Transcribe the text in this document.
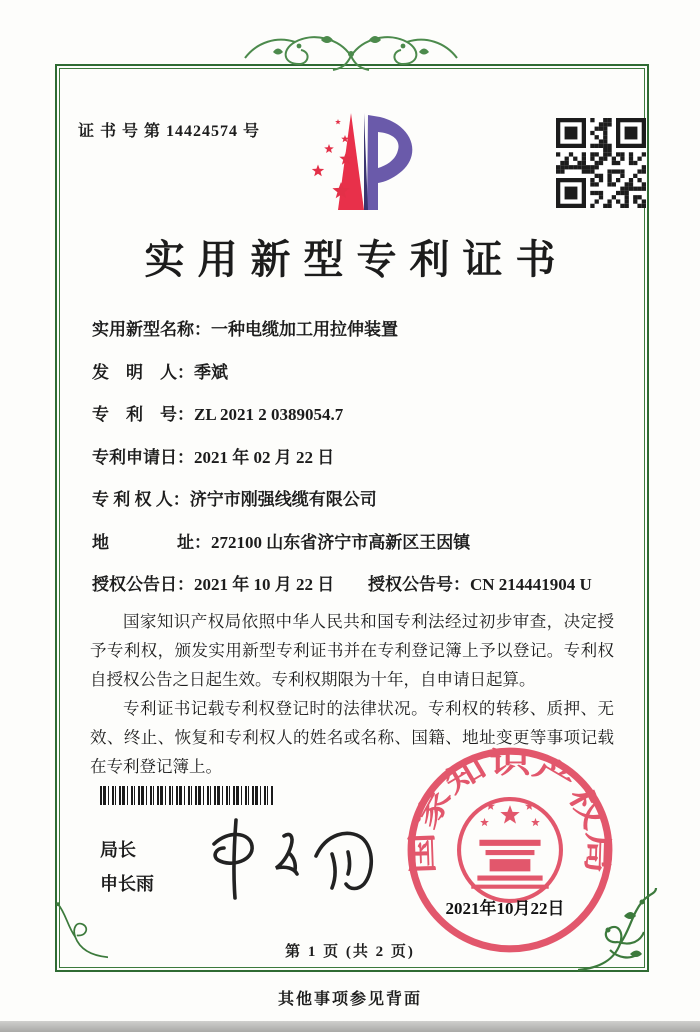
证 书 号 第 14424574 号
实用新型专利证书
实用新型名称：一种电缆加工用拉伸装置
发　明　人：季斌
专　利　号：ZL 2021 2 0389054.7
专利申请日：2021 年 02 月 22 日
专 利 权 人：济宁市刚强线缆有限公司
地　　　　址：272100 山东省济宁市高新区王因镇
授权公告日：2021 年 10 月 22 日 授权公告号：CN 214441904 U

国家知识产权局依照中华人民共和国专利法经过初步审查，决定授予专利权，颁发实用新型专利证书并在专利登记簿上予以登记。专利权自授权公告之日起生效。专利权期限为十年，自申请日起算。

专利证书记载专利权登记时的法律状况。专利权的转移、质押、无效、终止、恢复和专利权人的姓名或名称、国籍、地址变更等事项记载在专利登记簿上。

局长
申长雨
国家知识产权局
2021年10月22日
第 1 页 (共 2 页)
其他事项参见背面
